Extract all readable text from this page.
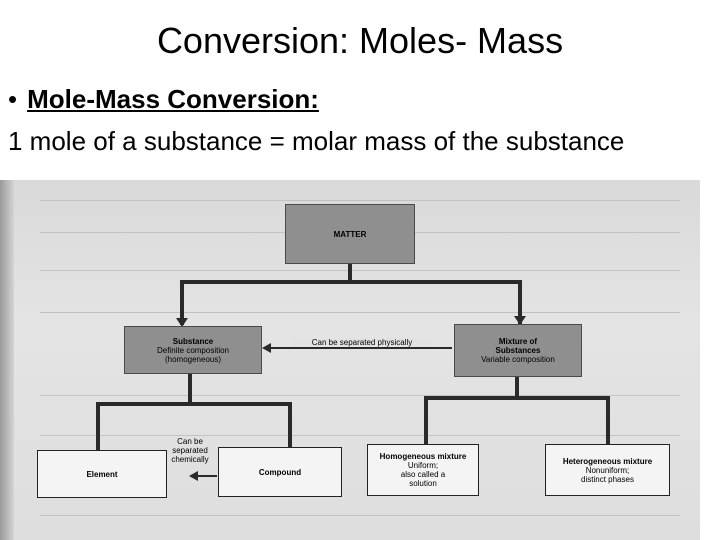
Conversion: Moles- Mass
• Mole-Mass Conversion:
1 mole of a substance = molar mass of the substance
Can be separated physically
Can be
separated
chemically
MATTER
Substance
Definite composition
(homogeneous)
Mixture of
Substances
Variable composition
Element	Compound
Homogeneous mixture
Uniform;
also called a
solution
Heterogeneous mixture
Nonuniform;
distinct phases
